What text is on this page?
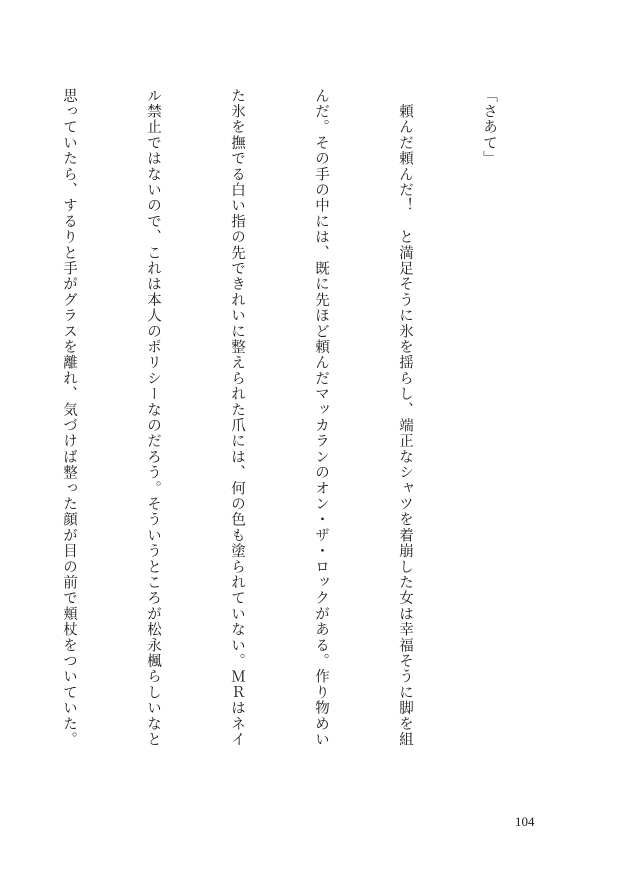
「さあて」

　頼んだ頼んだ！　と満足そうに氷を揺らし、端正なシャツを着崩した女は幸福そうに脚を組

んだ。その手の中には、既に先ほど頼んだマッカランのオン・ザ・ロックがある。作り物めい

た氷を撫でる白い指の先できれいに整えられた爪には、何の色も塗られていない。ＭＲはネイ

ル禁止ではないので、これは本人のポリシーなのだろう。そういうところが松永楓らしいなと

思っていたら、するりと手がグラスを離れ、気づけば整った顔が目の前で頬杖をついていた。

104
